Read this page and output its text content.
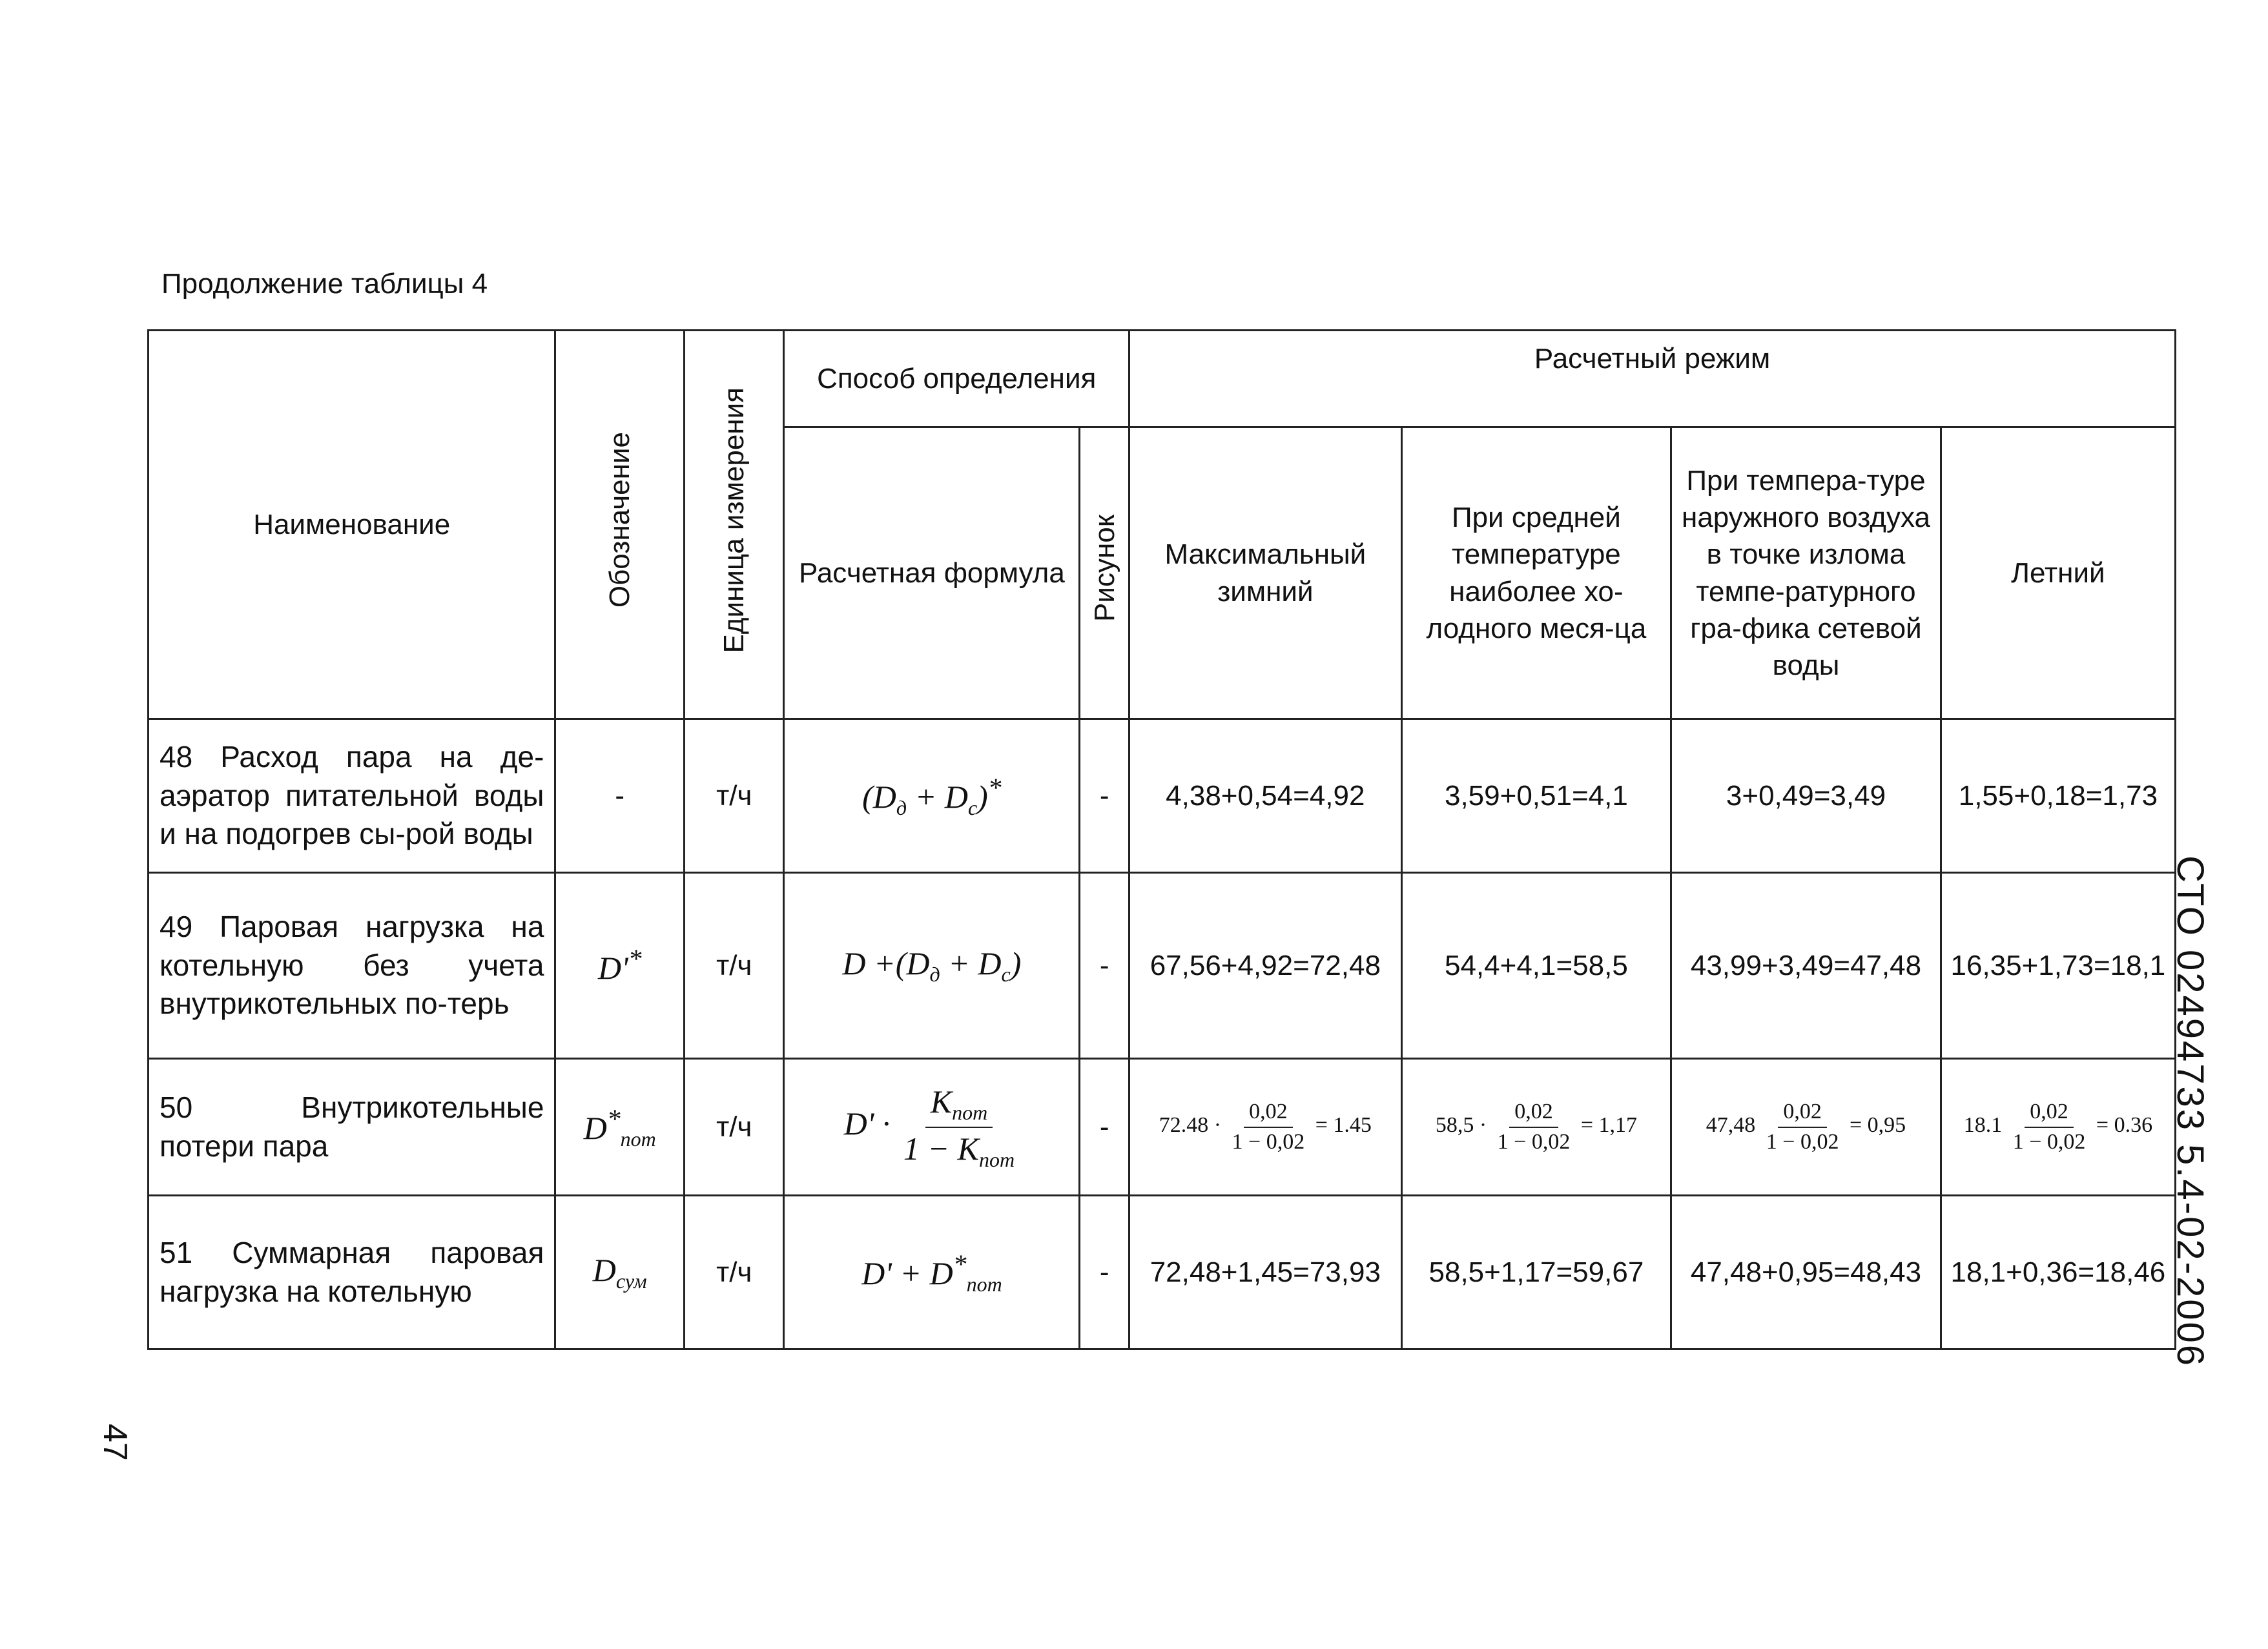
Продолжение таблицы 4
Наименование	Обозначение	Единица измерения	Способ определения		Расчетный режим			
			Расчетная формула	Рисунок	Максимальный зимний	При средней температуре наиболее хо-лодного меся-ца	При темпера-туре наружного воздуха в точке излома темпе-ратурного гра-фика сетевой воды	Летний
48 Расход пара на де-аэратор питательной воды и на подогрев сы-рой воды	-	т/ч	$(D_д + D_c)^*$	-	4,38+0,54=4,92	3,59+0,51=4,1	3+0,49=3,49	1,55+0,18=1,73
49 Паровая нагрузка на котельную без учета внутрикотельных по-терь	D'*	т/ч	$D +(D_д + D_c)$	-	67,56+4,92=72,48	54,4+4,1=58,5	43,99+3,49=47,48	16,35+1,73=18,1
50 Внутрикотельные потери пара	$D^*_{пот}$	т/ч	$D' \cdot \frac{K_{пот}}{1 - K_{пот}}$	-	$72.48 \cdot \frac{0,02}{1 - 0,02} = 1.45$	$58,5 \cdot \frac{0,02}{1 - 0,02} = 1,17$	$47,48 \frac{0,02}{1 - 0,02} = 0,95$	$18.1 \frac{0,02}{1 - 0,02} = 0.36$
51 Суммарная паровая нагрузка на котельную	$D_{сум}$	т/ч	$D' + D^*_{пот}$	-	72,48+1,45=73,93	58,5+1,17=59,67	47,48+0,95=48,43	18,1+0,36=18,46 СТО 02494733 5.4-02-2006
47
